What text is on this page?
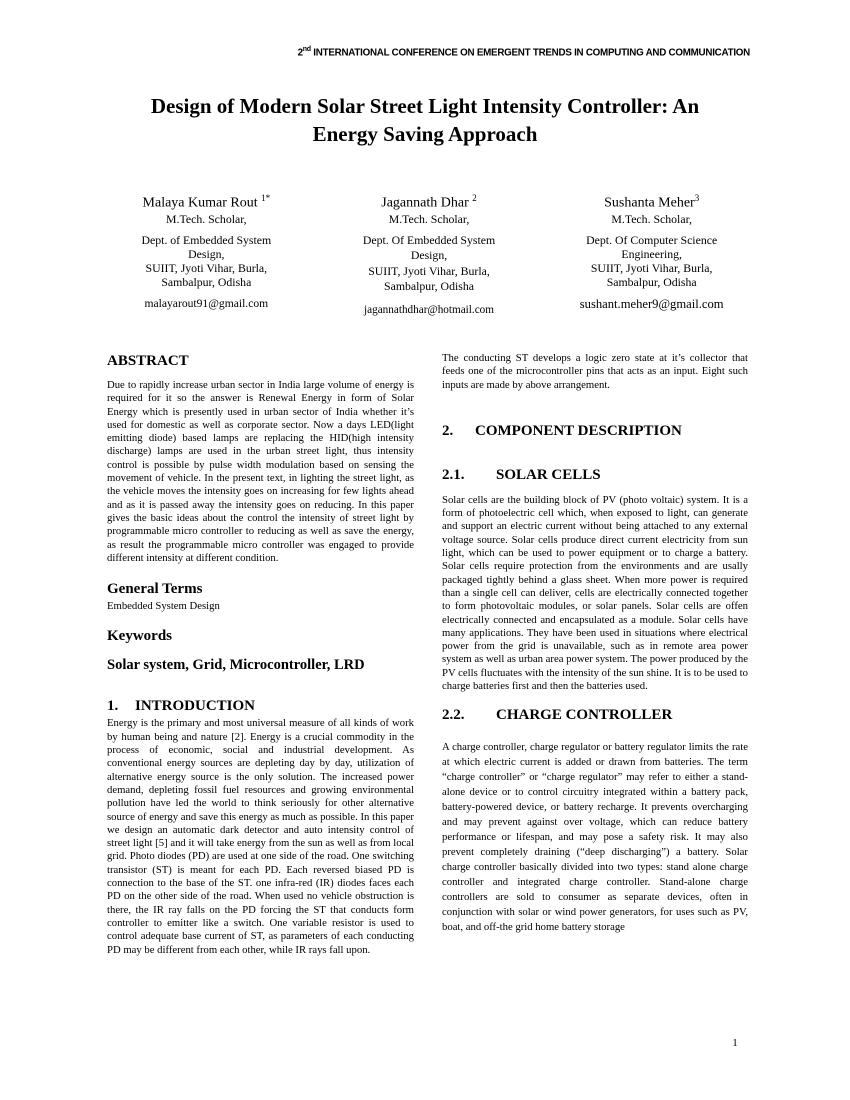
2nd INTERNATIONAL CONFERENCE ON EMERGENT TRENDS IN COMPUTING AND COMMUNICATION
Design of Modern Solar Street Light Intensity Controller: An
Energy Saving Approach
Malaya Kumar Rout $^{1*}$
M.Tech. Scholar,
Dept. of Embedded System
Design,
SUIIT, Jyoti Vihar, Burla,
Sambalpur, Odisha
malayarout91@gmail.com
Jagannath Dhar $^2$
M.Tech. Scholar,
Dept. Of Embedded System
Design,
SUIIT, Jyoti Vihar, Burla,
Sambalpur, Odisha
jagannathdhar@hotmail.com
Sushanta Meher$^3$
M.Tech. Scholar,
Dept. Of Computer Science
Engineering,
SUIIT, Jyoti Vihar, Burla,
Sambalpur, Odisha
sushant.meher9@gmail.com
ABSTRACT

Due to rapidly increase urban sector in India large volume of energy is required for it so the answer is Renewal Energy in form of Solar Energy which is presently used in urban sector of India whether it’s used for domestic as well as corporate sector. Now a days LED(light emitting diode) based lamps are replacing the HID(high intensity discharge) lamps are used in the urban street light, thus intensity control is possible by pulse width modulation based on sensing the movement of vehicle. In the present text, in lighting the street light, as the vehicle moves the intensity goes on increasing for few lights ahead and as it is passed away the intensity goes on reducing. In this paper gives the basic ideas about the control the intensity of street light by programmable micro controller to reducing as well as save the energy, as result the programmable micro controller was engaged to provide different intensity at different condition.

General Terms

Embedded System Design

Keywords

Solar system, Grid, Microcontroller, LRD

1. INTRODUCTION

Energy is the primary and most universal measure of all kinds of work by human being and nature [2]. Energy is a crucial commodity in the process of economic, social and industrial development. As conventional energy sources are depleting day by day, utilization of alternative energy source is the only solution. The increased power demand, depleting fossil fuel resources and growing environmental pollution have led the world to think seriously for other alternative source of energy and save this energy as much as possible. In this paper we design an automatic dark detector and auto intensity control of street light [5] and it will take energy from the sun as well as from local grid. Photo diodes (PD) are used at one side of the road. One switching transistor (ST) is meant for each PD. Each reversed biased PD is connection to the base of the ST. one infra-red (IR) diodes faces each PD on the other side of the road. When used no vehicle obstruction is there, the IR ray falls on the PD forcing the ST that conducts form controller to emitter like a switch. One variable resistor is used to control adequate base current of ST, as parameters of each conducting PD may be different from each other, while IR rays fall upon.

The conducting ST develops a logic zero state at it’s collector that feeds one of the microcontroller pins that acts as an input. Eight such inputs are made by above arrangement.

2. COMPONENT DESCRIPTION
2.1. SOLAR CELLS

Solar cells are the building block of PV (photo voltaic) system. It is a form of photoelectric cell which, when exposed to light, can generate and support an electric current without being attached to any external voltage source. Solar cells produce direct current electricity from sun light, which can be used to power equipment or to charge a battery. Solar cells require protection from the environments and are usally packaged tightly behind a glass sheet. When more power is required than a single cell can deliver, cells are electrically connected together to form photovoltaic modules, or solar panels. Solar cells are offen electrically connected and encapsulated as a module. Solar cells have many applications. They have been used in situations where electrical power from the grid is unavailable, such as in remote area power system as well as urban area power system. The power produced by the PV cells fluctuates with the intensity of the sun shine. It is to be used to charge batteries first and then the batteries used.

2.2. CHARGE CONTROLLER

A charge controller, charge regulator or battery regulator limits the rate at which electric current is added or drawn from batteries. The term “charge controller” or “charge regulator” may refer to either a stand-alone device or to control circuitry integrated within a battery pack, battery-powered device, or battery recharge. It prevents overcharging and may prevent against over voltage, which can reduce battery performance or lifespan, and may pose a safety risk. It may also prevent completely draining (“deep discharging”) a battery. Solar charge controller basically divided into two types: stand alone charge controller and integrated charge controller. Stand-alone charge controllers are sold to consumer as separate devices, often in conjunction with solar or wind power generators, for uses such as PV, boat, and off-the grid home battery storage

1
